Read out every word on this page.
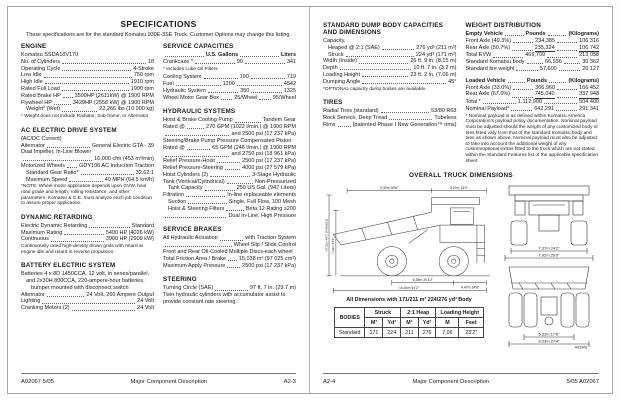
SPECIFICATIONS
These specifications are for the standard Komatsu 930E-3SE Truck. Customer Options may change this listing.
ENGINE
Komatsu SSDA18V170
No. of Cylinders	18
Operating Cycle	4-Stroke
Low Idle	750 rpm
High Idle	1910 rpm
Rated Full Load	1900 rpm
Rated Brake HP	3500HP (2611kW) @ 1900 RPM
Flywheel HP	3429HP (2558 kW) @ 1900 RPM
Weight* (Wet)	22,266 lbs (10 000 kg)
* Weight does not include Radiator, Sub-frame, or Alternator
AC ELECTRIC DRIVE SYSTEM
(AC/DC Current)
Alternator	General Electric GTA - 39
Dual Impeller, In-Line Blower
16,000 cfm (453 m³/min)
Motorized Wheels	GDY106 AC Induction Traction
Standard Gear Ratio*	32.62:1
Maximum Speed	40 MPH (64.5 km/h)
*NOTE: Wheel motor application depends upon GVW, haul road grade and length, rolling resistance, and other parameters. Komatsu & G.E. must analyze each job condition to assure proper application.
DYNAMIC RETARDING
Electric Dynamic Retarding	Standard
Maximum Rating	5400 HP (4026 kW)
Continuous	3900 HP (2909 kW)
Continuously rated high-density blown grids with retard at engine idle and retard in reverse propulsion.
BATTERY ELECTRIC SYSTEM
Batteries 4 x 8D 1450CCA, 12 volt, in series/parallel,
and 2x30H 800CCA, 220-ampere-hour batteries,
bumper mounted with disconnect switch
Alternator	24 Volt, 260 Ampere Output
Lighting	24 Volt
Cranking Motors (2)	24 Volt
SERVICE CAPACITIES
U.S. Gallons	Liters
Crankcase *	90	341
* Includes Lube Oil Filters
Cooling System	190	719
Fuel	1200	4542
Hydraulic System	350	1325
Wheel Motor Gear Box	25/Wheel	95/Wheel
HYDRAULIC SYSTEMS
Hoist & Brake Cooling Pump	Tandem Gear
Rated @	270 GPM (1022 l/min.) @ 1900 RPM
and 2500 psi (17 237 kPa)
Steering/Brake Pump Pressure Compensated Piston
Rated @	65 GPM (246 l/min.) @ 1900 RPM
and 2750 psi (18 961 kPa)
Relief Pressure-Hoist	2500 psi (17 237 kPa)
Relief Pressure-Steering	4000 psi (27 579 kPa)
Hoist Cylinders (2)	3-Stage Hydraulic
Tank (Vertical/Cylindrical)	Non-Pressurized
Tank Capacity	250 US Gal. (947 Liters)
Filtration	In-line replaceable elements
Suction	Single, Full Flow, 100 Mesh
Hoist & Steering Filters	Beta 12 Rating ≥200
Dual In-Line, High Pressure
SERVICE BRAKES
All Hydraulic Actuation	with Traction System
Wheel Slip / Slide Control
Front and Rear Oil-Cooled Multiple Discs-each wheel
Total Friction Area / Brake 15,038 in² (97 025 cm²)
Maximum Apply Pressure	2500 psi (17 237 kPa)
STEERING
Turning Circle (SAE)	97 ft. 7 in. (29.7 m)
Twin hydraulic cylinders with accumulator assist to
provide constant rate steering.
A02067 5/05	Major Component Description	A2-3
STANDARD DUMP BODY CAPACITIES AND DIMENSIONS
Capacity,
Heaped @ 2:1 (SAE)	276 yd³ (211 m³)
Struck	224 yd³ (171 m³)
Width (Inside)	26 ft. 9 in. (8.15 m)
Depth	10 ft. 7 in. (3.2 m)
Loading Height	23 ft. 2 in. (7.06 m)
Dumping Angle	45°
*OPTIONAL capacity dump bodies are available.
TIRES
Radial Tires (standard)	53/80 R63
Rock Service, Deep Tread	Tubeless
Rims	(patented Phase I New Generation™ rims)
WEIGHT DISTRIBUTION
Empty Vehicle	Pounds	(Kilograms)
Front Axle (49.3%)	234,385	106 316
Rear Axle (50.7%)	235,324	106 742
Total EVW	469,709	213 058
Standard Komatsu body	66,936	30 362
Standard tire weight	57,600	26 127
Loaded Vehicle	Pounds	(Kilograms)
Front Axle (33.0%)	366,960	166 452
Rear Axle (67.0%)	745,040	337 948
Total *	1,112,000	504 400
Nominal Payload*	642,291	291 341
* Nominal payload is as defined within Komatsu America Corporation's payload policy documentation. Nominal payload must be adjusted should the weight of any customized body or tires fitted vary from that of the standard Komatsu body and tires as shown above. Nominal payload must also be adjusted to take into account the additional weight of any custom/optional extras fitted to the truck which are not stated within the Standard Features list of the applicable specification sheet.
OVERALL TRUCK DIMENSIONS
9.30m 30'6"	3.97m 13'0"
14.03m 46'0" (RAISED) 7.39m 24'3"
6.35m 20'10"
4.47m 14'8"
15.04m 51'2"
All Dimensions with 171/211 m³ 224/276 yd³ Body
BODIES	Struck		2:1 Heap		Loading Height	
	M³	Yd³	M³	Yd³	M	Feet
Standard	171	224	211	276	7.06	23'2"
7.37m 24'2"
7.92m 26'0"
5.33m 17'6"
8.33m 27'4"
A02906
A2-4	Major Component Description	5/05 A02067
